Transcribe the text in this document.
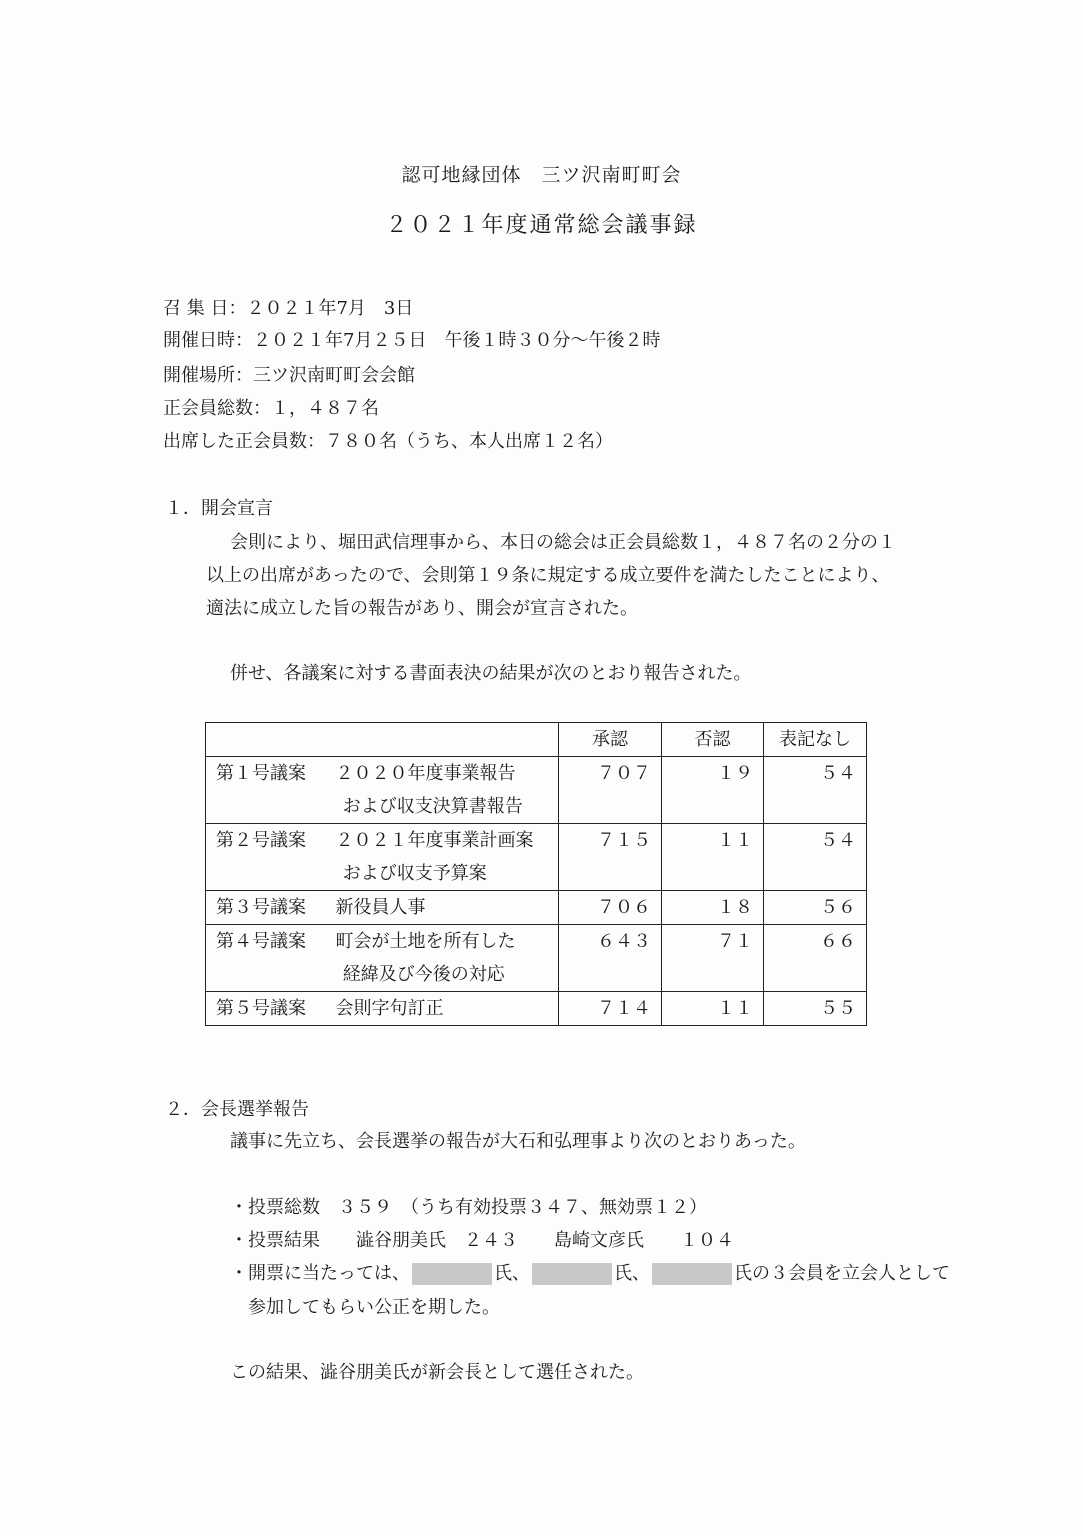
認可地縁団体　三ツ沢南町町会
２０２１年度通常総会議事録
召 集 日：２０２１年7月　3日
開催日時：２０２１年7月２５日　午後１時３０分～午後２時
開催場所：三ツ沢南町町会会館
正会員総数：１，４８７名
出席した正会員数：７８０名（うち、本人出席１２名）
１．開会宣言
会則により、堀田武信理事から、本日の総会は正会員総数１，４８７名の２分の１
以上の出席があったので、会則第１９条に規定する成立要件を満たしたことにより、
適法に成立した旨の報告があり、開会が宣言された。
併せ、各議案に対する書面表決の結果が次のとおり報告された。
	承認	否認	表記なし
第１号議案 ２０２０年度事業報告
および収支決算書報告	７０７	１９	５４
第２号議案 ２０２１年度事業計画案
および収支予算案	７１５	１１	５４
第３号議案 新役員人事	７０６	１８	５６
第４号議案 町会が土地を所有した
経緯及び今後の対応	６４３	７１	６６
第５号議案 会則字句訂正	７１４	１１	５５
２．会長選挙報告
議事に先立ち、会長選挙の報告が大石和弘理事より次のとおりあった。
・投票総数　３５９　（うち有効投票３４７、無効票１２）
・投票結果　　澁谷朋美氏　２４３　　島崎文彦氏　　１０４
・開票に当たっては、	氏、	氏、	氏の３会員を立会人として
参加してもらい公正を期した。
この結果、澁谷朋美氏が新会長として選任された。
